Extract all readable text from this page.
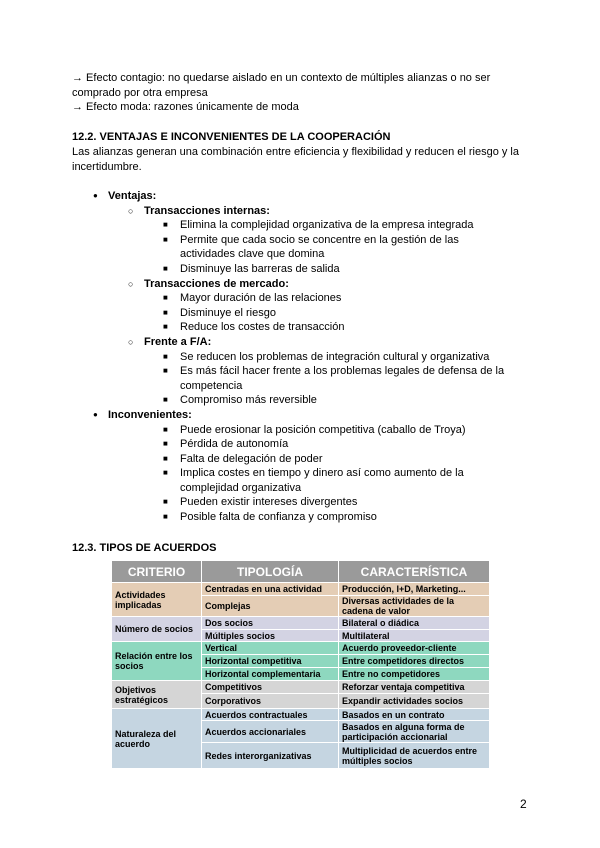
→ Efecto contagio: no quedarse aislado en un contexto de múltiples alianzas o no ser comprado por otra empresa
→ Efecto moda: razones únicamente de moda
12.2. VENTAJAS E INCONVENIENTES DE LA COOPERACIÓN
Las alianzas generan una combinación entre eficiencia y flexibilidad y reducen el riesgo y la incertidumbre.
● Ventajas:
○ Transacciones internas:
■ Elimina la complejidad organizativa de la empresa integrada
■ Permite que cada socio se concentre en la gestión de las actividades clave que domina
■ Disminuye las barreras de salida
○ Transacciones de mercado:
■ Mayor duración de las relaciones
■ Disminuye el riesgo
■ Reduce los costes de transacción
○ Frente a F/A:
■ Se reducen los problemas de integración cultural y organizativa
■ Es más fácil hacer frente a los problemas legales de defensa de la competencia
■ Compromiso más reversible
● Inconvenientes:
■ Puede erosionar la posición competitiva (caballo de Troya)
■ Pérdida de autonomía
■ Falta de delegación de poder
■ Implica costes en tiempo y dinero así como aumento de la complejidad organizativa
■ Pueden existir intereses divergentes
■ Posible falta de confianza y compromiso
12.3. TIPOS DE ACUERDOS
CRITERIO	TIPOLOGÍA	CARACTERÍSTICA
Actividades implicadas	Centradas en una actividad	Producción, I+D, Marketing...
	Complejas	Diversas actividades de la cadena de valor
Número de socios	Dos socios	Bilateral o diádica
	Múltiples socios	Multilateral
Relación entre los socios	Vertical	Acuerdo proveedor-cliente
	Horizontal competitiva	Entre competidores directos
	Horizontal complementaria	Entre no competidores
Objetivos estratégicos	Competitivos	Reforzar ventaja competitiva
	Corporativos	Expandir actividades socios
Naturaleza del acuerdo	Acuerdos contractuales	Basados en un contrato
	Acuerdos accionariales	Basados en alguna forma de participación accionarial
	Redes interorganizativas	Multiplicidad de acuerdos entre múltiples socios
2
